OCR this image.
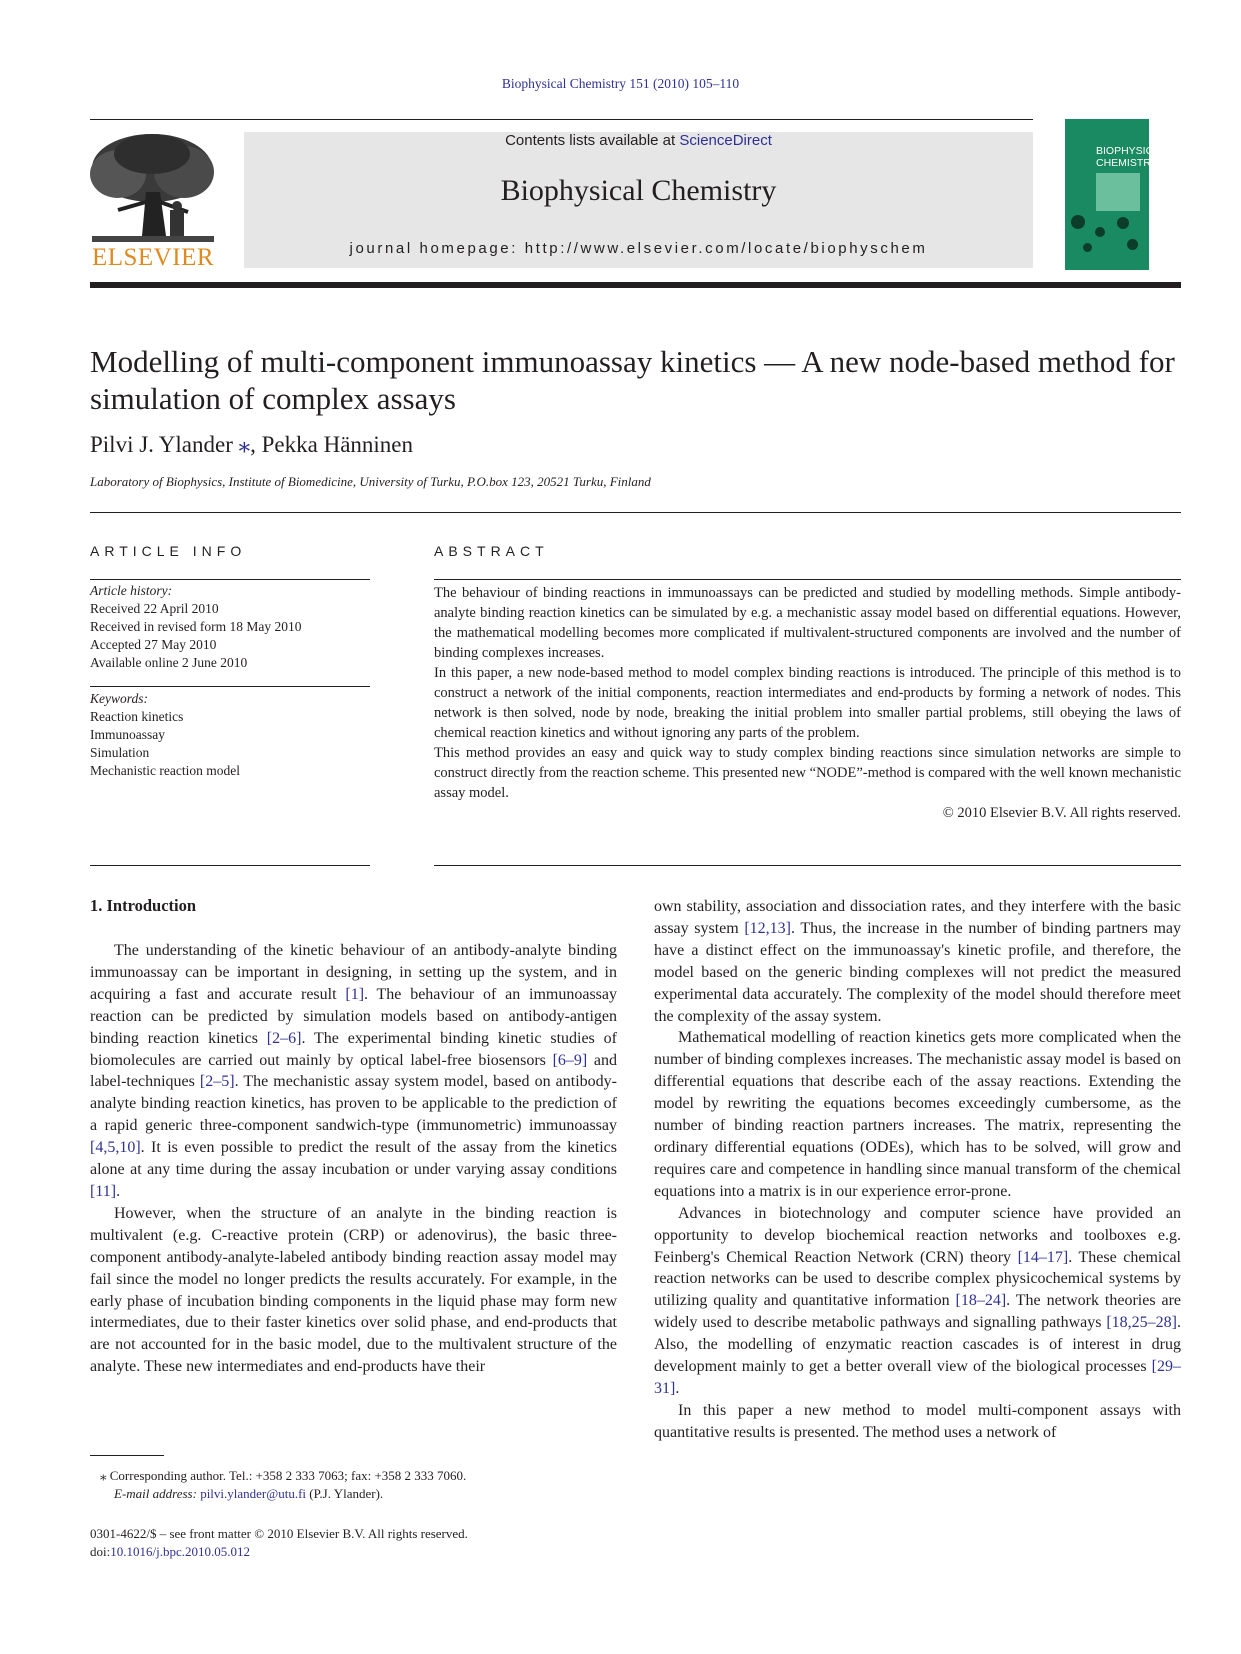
Biophysical Chemistry 151 (2010) 105–110
ELSEVIER
Contents lists available at ScienceDirect
Biophysical Chemistry
journal homepage: http://www.elsevier.com/locate/biophyschem
BIOPHYSICAL
CHEMISTRY
Modelling of multi-component immunoassay kinetics — A new node-based method for simulation of complex assays
Pilvi J. Ylander ⁎, Pekka Hänninen
Laboratory of Biophysics, Institute of Biomedicine, University of Turku, P.O.box 123, 20521 Turku, Finland
ARTICLE INFO
Article history:
Received 22 April 2010
Received in revised form 18 May 2010
Accepted 27 May 2010
Available online 2 June 2010
Keywords:
Reaction kinetics
Immunoassay
Simulation
Mechanistic reaction model
ABSTRACT

The behaviour of binding reactions in immunoassays can be predicted and studied by modelling methods. Simple antibody-analyte binding reaction kinetics can be simulated by e.g. a mechanistic assay model based on differential equations. However, the mathematical modelling becomes more complicated if multivalent-structured components are involved and the number of binding complexes increases.

In this paper, a new node-based method to model complex binding reactions is introduced. The principle of this method is to construct a network of the initial components, reaction intermediates and end-products by forming a network of nodes. This network is then solved, node by node, breaking the initial problem into smaller partial problems, still obeying the laws of chemical reaction kinetics and without ignoring any parts of the problem.

This method provides an easy and quick way to study complex binding reactions since simulation networks are simple to construct directly from the reaction scheme. This presented new “NODE”-method is compared with the well known mechanistic assay model.

© 2010 Elsevier B.V. All rights reserved.
1. Introduction

The understanding of the kinetic behaviour of an antibody-analyte binding immunoassay can be important in designing, in setting up the system, and in acquiring a fast and accurate result [1]. The behaviour of an immunoassay reaction can be predicted by simulation models based on antibody-antigen binding reaction kinetics [2–6]. The experimental binding kinetic studies of biomolecules are carried out mainly by optical label-free biosensors [6–9] and label-techniques [2–5]. The mechanistic assay system model, based on antibody-analyte binding reaction kinetics, has proven to be applicable to the prediction of a rapid generic three-component sandwich-type (immunometric) immunoassay [4,5,10]. It is even possible to predict the result of the assay from the kinetics alone at any time during the assay incubation or under varying assay conditions [11].

However, when the structure of an analyte in the binding reaction is multivalent (e.g. C-reactive protein (CRP) or adenovirus), the basic three-component antibody-analyte-labeled antibody binding reaction assay model may fail since the model no longer predicts the results accurately. For example, in the early phase of incubation binding components in the liquid phase may form new intermediates, due to their faster kinetics over solid phase, and end-products that are not accounted for in the basic model, due to the multivalent structure of the analyte. These new intermediates and end-products have their

own stability, association and dissociation rates, and they interfere with the basic assay system [12,13]. Thus, the increase in the number of binding partners may have a distinct effect on the immunoassay's kinetic profile, and therefore, the model based on the generic binding complexes will not predict the measured experimental data accurately. The complexity of the model should therefore meet the complexity of the assay system.

Mathematical modelling of reaction kinetics gets more complicated when the number of binding complexes increases. The mechanistic assay model is based on differential equations that describe each of the assay reactions. Extending the model by rewriting the equations becomes exceedingly cumbersome, as the number of binding reaction partners increases. The matrix, representing the ordinary differential equations (ODEs), which has to be solved, will grow and requires care and competence in handling since manual transform of the chemical equations into a matrix is in our experience error-prone.

Advances in biotechnology and computer science have provided an opportunity to develop biochemical reaction networks and toolboxes e.g. Feinberg's Chemical Reaction Network (CRN) theory [14–17]. These chemical reaction networks can be used to describe complex physicochemical systems by utilizing quality and quantitative information [18–24]. The network theories are widely used to describe metabolic pathways and signalling pathways [18,25–28]. Also, the modelling of enzymatic reaction cascades is of interest in drug development mainly to get a better overall view of the biological processes [29–31].

In this paper a new method to model multi-component assays with quantitative results is presented. The method uses a network of

⁎ Corresponding author. Tel.: +358 2 333 7063; fax: +358 2 333 7060.
E-mail address: pilvi.ylander@utu.fi (P.J. Ylander).
0301-4622/$ – see front matter © 2010 Elsevier B.V. All rights reserved.
doi:10.1016/j.bpc.2010.05.012
